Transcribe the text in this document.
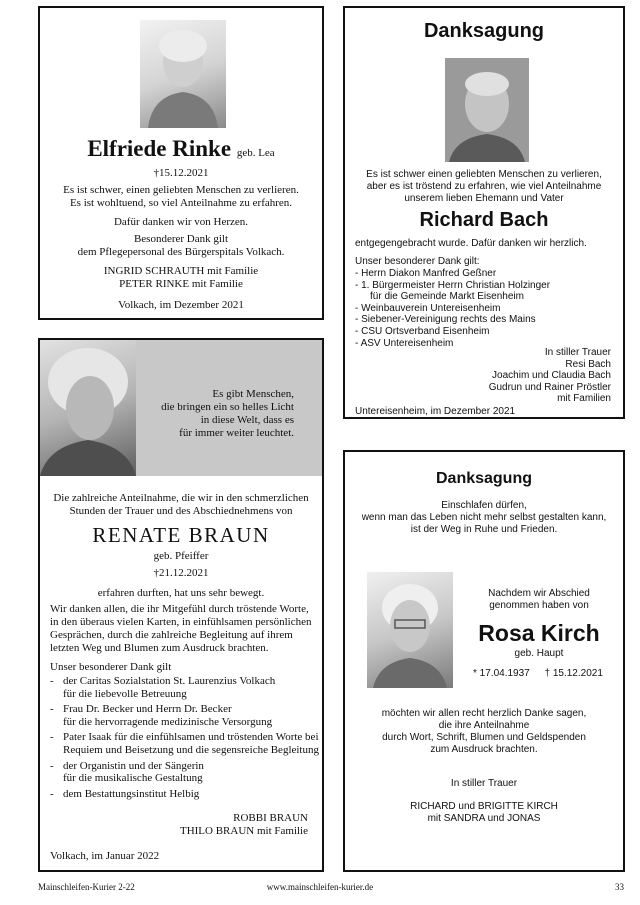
Elfriede Rinke geb. Lea
†15.12.2021

Es ist schwer, einen geliebten Menschen zu verlieren.

Es ist wohltuend, so viel Anteilnahme zu erfahren.

Dafür danken wir von Herzen.

Besonderer Dank gilt

dem Pflegepersonal des Bürgerspitals Volkach.

INGRID SCHRAUTH mit Familie

PETER RINKE mit Familie

Volkach, im Dezember 2021

Danksagung

Es ist schwer einen geliebten Menschen zu verlieren,

aber es ist tröstend zu erfahren, wie viel Anteilnahme

unserem lieben Ehemann und Vater

Richard Bach
entgegengebracht wurde. Dafür danken wir herzlich.
Unser besonderer Dank gilt:
- Herrn Diakon Manfred Geßner
- 1. Bürgermeister Herrn Christian Holzinger
für die Gemeinde Markt Eisenheim
- Weinbauverein Untereisenheim
- Siebener-Vereinigung rechts des Mains
- CSU Ortsverband Eisenheim
- ASV Untereisenheim

In stiller Trauer

Resi Bach

Joachim und Claudia Bach

Gudrun und Rainer Pröstler

mit Familien

Untereisenheim, im Dezember 2021

Es gibt Menschen,

die bringen ein so helles Licht

in diese Welt, dass es

für immer weiter leuchtet.

Die zahlreiche Anteilnahme, die wir in den schmerzlichen

Stunden der Trauer und des Abschiednehmens von

RENATE BRAUN
geb. Pfeiffer
†21.12.2021
erfahren durften, hat uns sehr bewegt.

Wir danken allen, die ihr Mitgefühl durch tröstende Worte,

in den überaus vielen Karten, in einfühlsamen persönlichen

Gesprächen, durch die zahlreiche Begleitung auf ihrem

letzten Weg und Blumen zum Ausdruck brachten.

Unser besonderer Dank gilt
- der Caritas Sozialstation St. Laurenzius Volkach
für die liebevolle Betreuung
- Frau Dr. Becker und Herrn Dr. Becker
für die hervorragende medizinische Versorgung
- Pater Isaak für die einfühlsamen und tröstenden Worte bei
Requiem und Beisetzung und die segensreiche Begleitung
- der Organistin und der Sängerin
für die musikalische Gestaltung
- dem Bestattungsinstitut Helbig

ROBBI BRAUN

THILO BRAUN mit Familie

Volkach, im Januar 2022
Danksagung

Einschlafen dürfen,

wenn man das Leben nicht mehr selbst gestalten kann,

ist der Weg in Ruhe und Frieden.

Nachdem wir Abschied

genommen haben von

Rosa Kirch
geb. Haupt
* 17.04.1937 † 15.12.2021

möchten wir allen recht herzlich Danke sagen,

die ihre Anteilnahme

durch Wort, Schrift, Blumen und Geldspenden

zum Ausdruck brachten.

In stiller Trauer

RICHARD und BRIGITTE KIRCH

mit SANDRA und JONAS

Mainschleifen-Kurier 2-22	www.mainschleifen-kurier.de	33
